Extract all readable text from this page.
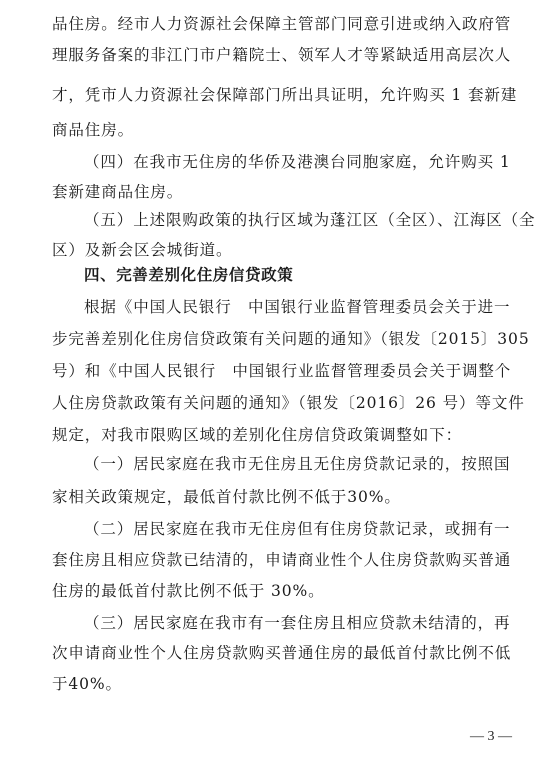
品住房。经市人力资源社会保障主管部门同意引进或纳入政府管
理服务备案的非江门市户籍院士、领军人才等紧缺适用高层次人
才，凭市人力资源社会保障部门所出具证明，允许购买 1 套新建
商品住房。
（四）在我市无住房的华侨及港澳台同胞家庭，允许购买 1
套新建商品住房。
（五）上述限购政策的执行区域为蓬江区（全区）、江海区（全
区）及新会区会城街道。
四、完善差别化住房信贷政策
根据《中国人民银行　中国银行业监督管理委员会关于进一
步完善差别化住房信贷政策有关问题的通知》（银发〔2015〕305
号）和《中国人民银行　中国银行业监督管理委员会关于调整个
人住房贷款政策有关问题的通知》（银发〔2016〕26 号）等文件
规定，对我市限购区域的差别化住房信贷政策调整如下：
（一）居民家庭在我市无住房且无住房贷款记录的，按照国
家相关政策规定，最低首付款比例不低于30%。
（二）居民家庭在我市无住房但有住房贷款记录，或拥有一
套住房且相应贷款已结清的，申请商业性个人住房贷款购买普通
住房的最低首付款比例不低于 30%。
（三）居民家庭在我市有一套住房且相应贷款未结清的，再
次申请商业性个人住房贷款购买普通住房的最低首付款比例不低
于40%。
— 3 —
